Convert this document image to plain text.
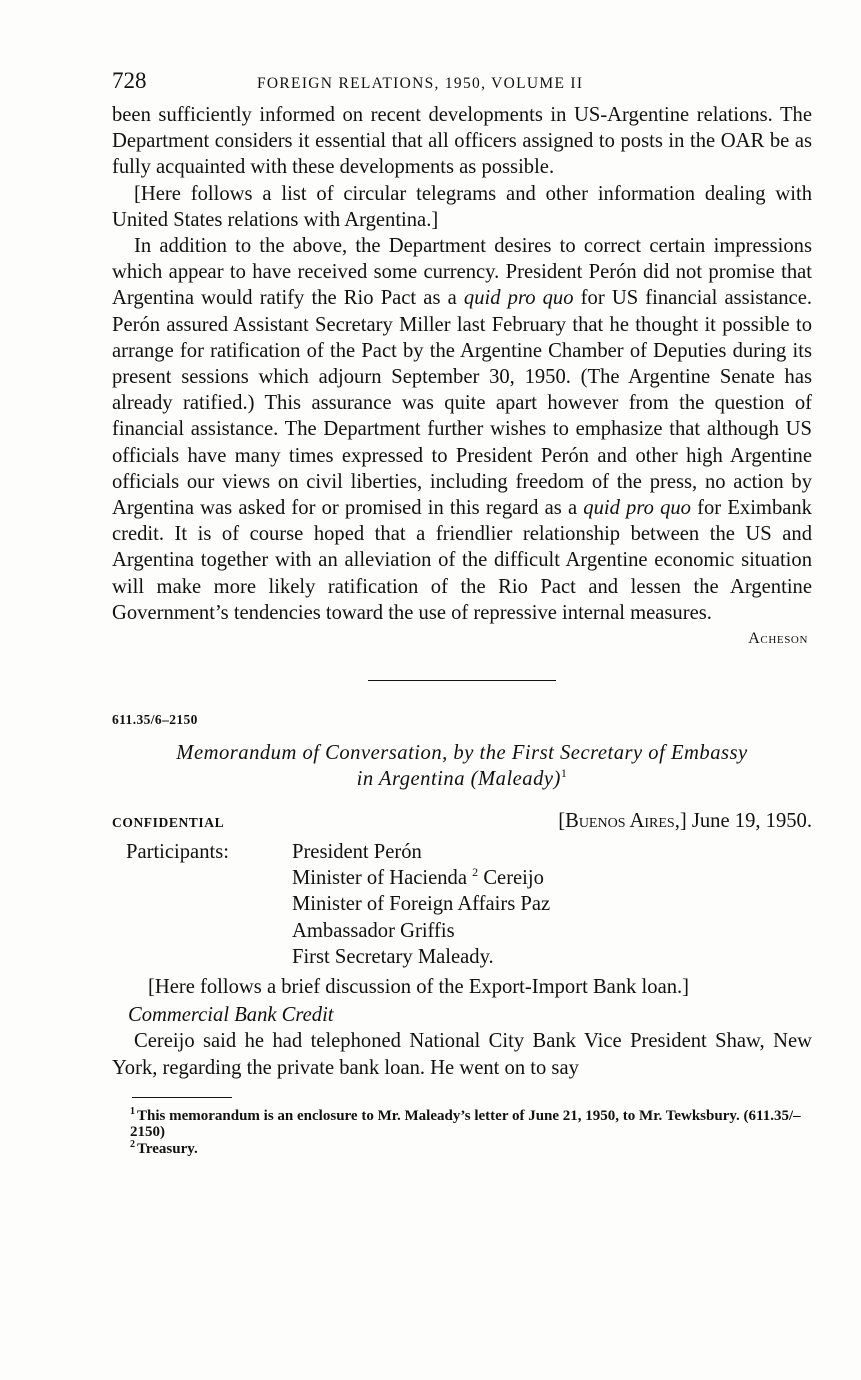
728	FOREIGN RELATIONS, 1950, VOLUME II

been sufficiently informed on recent developments in US-Argentine relations. The Department considers it essential that all officers assigned to posts in the OAR be as fully acquainted with these developments as possible.

[Here follows a list of circular telegrams and other information dealing with United States relations with Argentina.]

In addition to the above, the Department desires to correct certain impressions which appear to have received some currency. President Perón did not promise that Argentina would ratify the Rio Pact as a quid pro quo for US financial assistance. Perón assured Assistant Secretary Miller last February that he thought it possible to arrange for ratification of the Pact by the Argentine Chamber of Deputies during its present sessions which adjourn September 30, 1950. (The Argentine Senate has already ratified.) This assurance was quite apart however from the question of financial assistance. The Department further wishes to emphasize that although US officials have many times expressed to President Perón and other high Argentine officials our views on civil liberties, including freedom of the press, no action by Argentina was asked for or promised in this regard as a quid pro quo for Eximbank credit. It is of course hoped that a friendlier relationship between the US and Argentina together with an alleviation of the difficult Argentine economic situation will make more likely ratification of the Rio Pact and lessen the Argentine Government’s tendencies toward the use of repressive internal measures.

Acheson
611.35/6–2150

Memorandum of Conversation, by the First Secretary of Embassy
in Argentina (Maleady)$^1$

CONFIDENTIAL	[Buenos Aires,] June 19, 1950.
Participants:	President Perón
Minister of Hacienda $^2$ Cereijo
Minister of Foreign Affairs Paz
Ambassador Griffis
First Secretary Maleady.
[Here follows a brief discussion of the Export-Import Bank loan.]
Commercial Bank Credit

Cereijo said he had telephoned National City Bank Vice President Shaw, New York, regarding the private bank loan. He went on to say

$^1$ This memorandum is an enclosure to Mr. Maleady’s letter of June 21, 1950, to Mr. Tewksbury. (611.35/–2150)

$^2$ Treasury.
